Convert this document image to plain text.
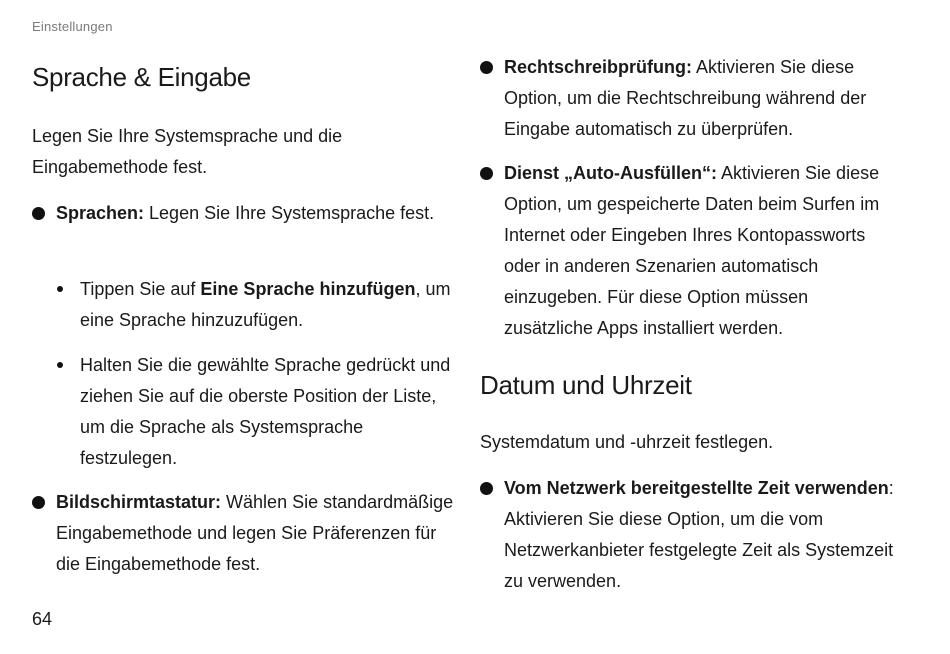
Einstellungen
Sprache & Eingabe

Legen Sie Ihre Systemsprache und die Eingabemethode fest.

Sprachen: Legen Sie Ihre Systemsprache fest.
Tippen Sie auf Eine Sprache hinzufügen, um eine Sprache hinzuzufügen.
Halten Sie die gewählte Sprache gedrückt und ziehen Sie auf die oberste Position der Liste, um die Sprache als Systemsprache festzulegen.
Bildschirmtastatur: Wählen Sie standardmäßige Eingabemethode und legen Sie Präferenzen für die Eingabemethode fest.
Rechtschreibprüfung: Aktivieren Sie diese Option, um die Rechtschreibung während der Eingabe automatisch zu überprüfen.
Dienst „Auto-Ausfüllen“: Aktivieren Sie diese Option, um gespeicherte Daten beim Surfen im Internet oder Eingeben Ihres Kontopassworts oder in anderen Szenarien automatisch einzugeben. Für diese Option müssen zusätzliche Apps installiert werden.
Datum und Uhrzeit

Systemdatum und -uhrzeit festlegen.

Vom Netzwerk bereitgestellte Zeit verwenden: Aktivieren Sie diese Option, um die vom Netzwerkanbieter festgelegte Zeit als Systemzeit zu verwenden.
64
